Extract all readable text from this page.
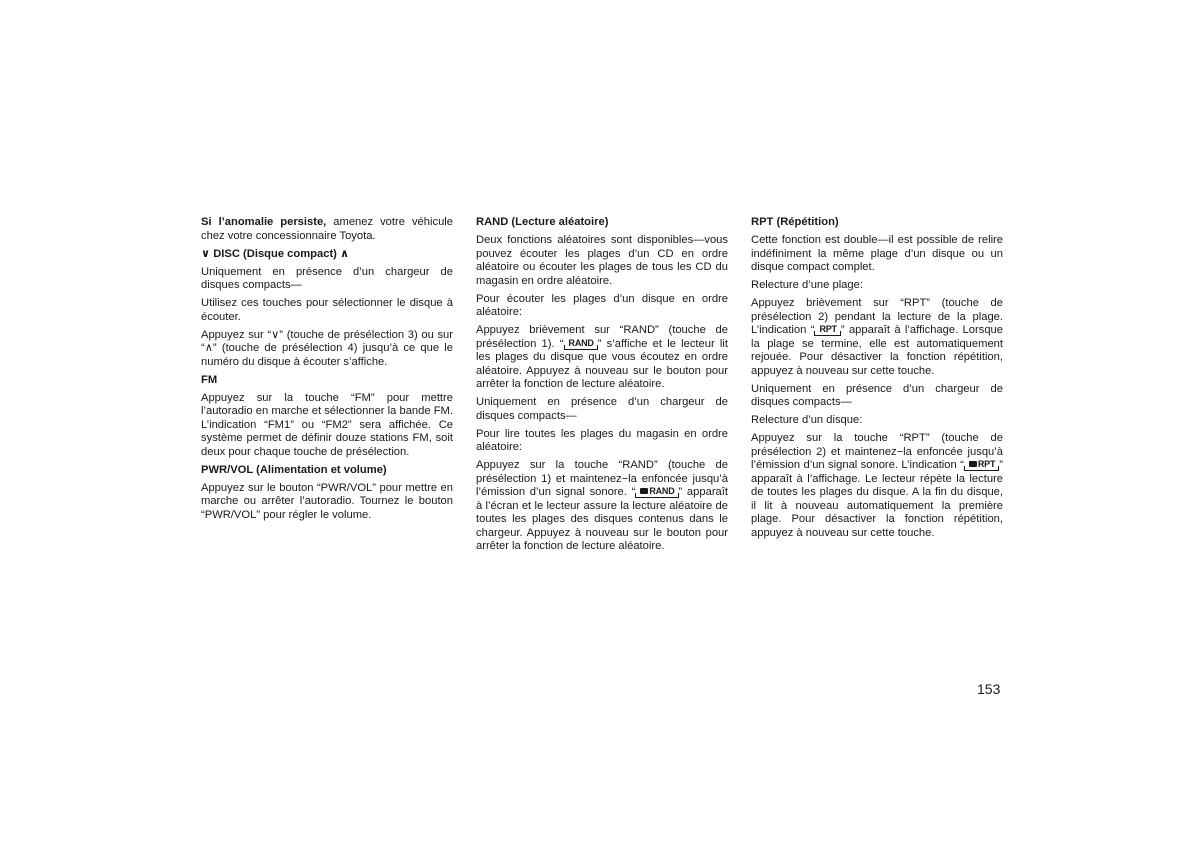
Si l’anomalie persiste, amenez votre véhicule chez votre concessionnaire Toyota.

∨ DISC (Disque compact) ∧

Uniquement en présence d’un chargeur de disques compacts—

Utilisez ces touches pour sélectionner le disque à écouter.

Appuyez sur “∨” (touche de présélection 3) ou sur “∧” (touche de présélection 4) jusqu’à ce que le numéro du disque à écouter s’affiche.

FM

Appuyez sur la touche “FM” pour mettre l’autoradio en marche et sélectionner la bande FM. L’indication “FM1” ou “FM2” sera affichée. Ce système permet de définir douze stations FM, soit deux pour chaque touche de présélection.

PWR/VOL (Alimentation et volume)

Appuyez sur le bouton “PWR/VOL” pour mettre en marche ou arrêter l’autoradio. Tournez le bouton “PWR/VOL” pour régler le volume.

RAND (Lecture aléatoire)

Deux fonctions aléatoires sont disponibles—vous pouvez écouter les plages d’un CD en ordre aléatoire ou écouter les plages de tous les CD du magasin en ordre aléatoire.

Pour écouter les plages d’un disque en ordre aléatoire:

Appuyez brièvement sur “RAND” (touche de présélection 1). “ RAND ” s’affiche et le lecteur lit les plages du disque que vous écoutez en ordre aléatoire. Appuyez à nouveau sur le bouton pour arrêter la fonction de lecture aléatoire.

Uniquement en présence d’un chargeur de disques compacts—

Pour lire toutes les plages du magasin en ordre aléatoire:

Appuyez sur la touche “RAND” (touche de présélection 1) et maintenez−la enfoncée jusqu’à l’émission d’un signal sonore. “ RAND ” apparaît à l’écran et le lecteur assure la lecture aléatoire de toutes les plages des disques contenus dans le chargeur. Appuyez à nouveau sur le bouton pour arrêter la fonction de lecture aléatoire.

RPT (Répétition)

Cette fonction est double—il est possible de relire indéfiniment la même plage d’un disque ou un disque compact complet.

Relecture d’une plage:

Appuyez brièvement sur “RPT” (touche de présélection 2) pendant la lecture de la plage. L’indication “ RPT ” apparaît à l’affichage. Lorsque la plage se termine, elle est automatiquement rejouée. Pour désactiver la fonction répétition, appuyez à nouveau sur cette touche.

Uniquement en présence d’un chargeur de disques compacts—

Relecture d’un disque:

Appuyez sur la touche “RPT” (touche de présélection 2) et maintenez−la enfoncée jusqu’à l’émission d’un signal sonore. L’indication “ RPT ” apparaît à l’affichage. Le lecteur répète la lecture de toutes les plages du disque. A la fin du disque, il lit à nouveau automatiquement la première plage. Pour désactiver la fonction répétition, appuyez à nouveau sur cette touche.

153
